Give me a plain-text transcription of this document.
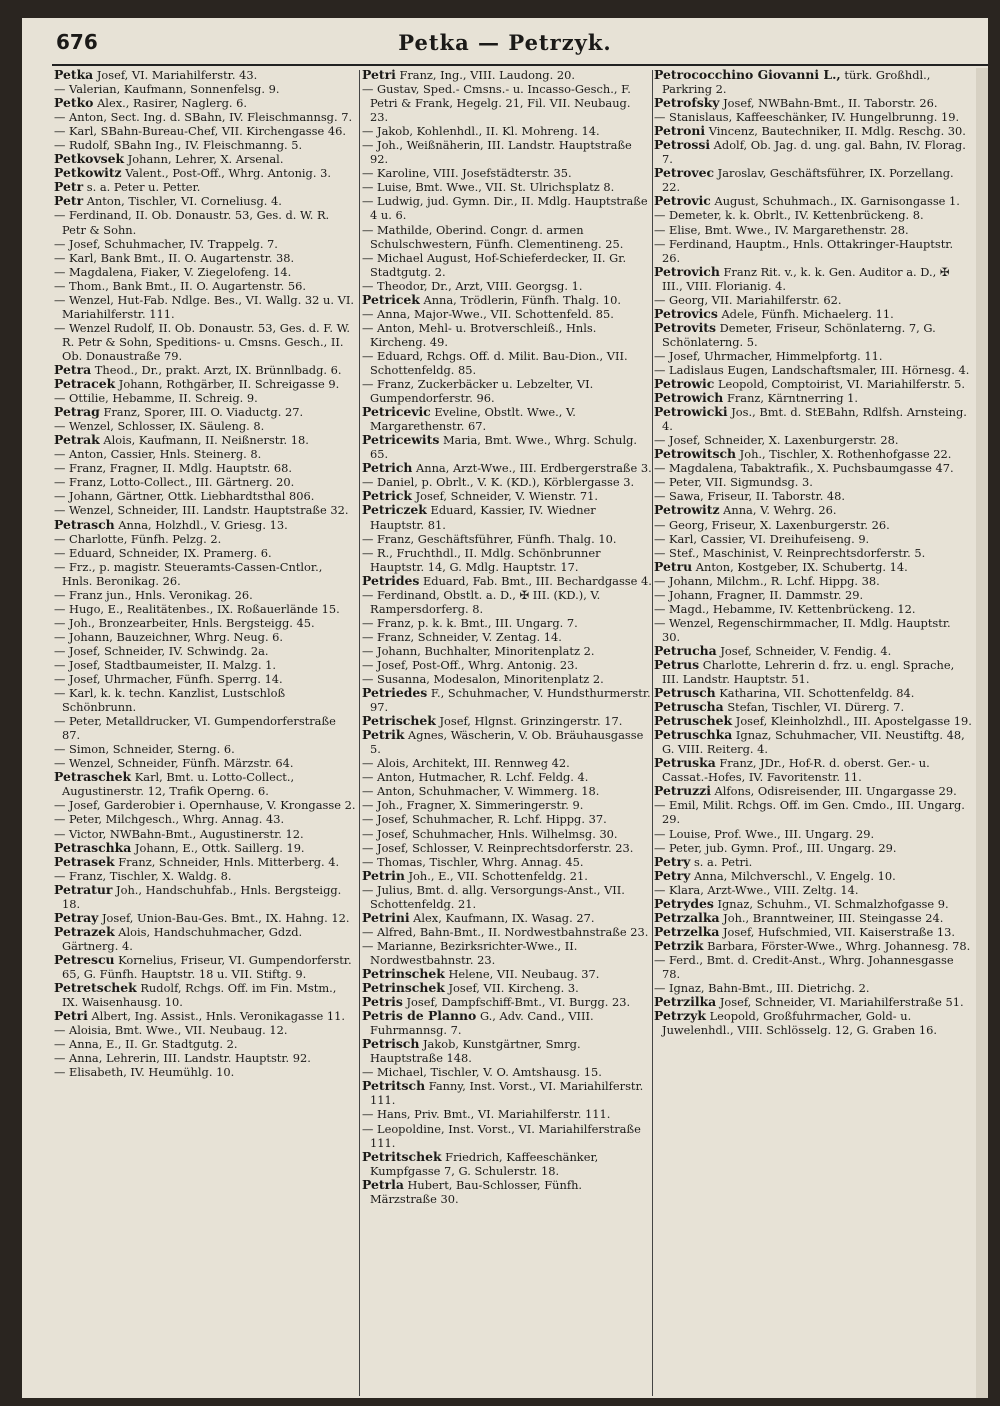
676	Petka — Petrzyk.

Petka Josef, VI. Mariahilferstr. 43.

— Valerian, Kaufmann, Sonnenfelsg. 9.

Petko Alex., Rasirer, Naglerg. 6.

— Anton, Sect. Ing. d. SBahn, IV. Fleischmannsg. 7.

— Karl, SBahn-Bureau-Chef, VII. Kirchengasse 46.

— Rudolf, SBahn Ing., IV. Fleischmanng. 5.

Petkovsek Johann, Lehrer, X. Arsenal.

Petkowitz Valent., Post-Off., Whrg. Antonig. 3.

Petr s. a. Peter u. Petter.

Petr Anton, Tischler, VI. Corneliusg. 4.

— Ferdinand, II. Ob. Donaustr. 53, Ges. d. W. R. Petr & Sohn.

— Josef, Schuhmacher, IV. Trappelg. 7.

— Karl, Bank Bmt., II. O. Augartenstr. 38.

— Magdalena, Fiaker, V. Ziegelofeng. 14.

— Thom., Bank Bmt., II. O. Augartenstr. 56.

— Wenzel, Hut-Fab. Ndlge. Bes., VI. Wallg. 32 u. VI. Mariahilferstr. 111.

— Wenzel Rudolf, II. Ob. Donaustr. 53, Ges. d. F. W. R. Petr & Sohn, Speditions- u. Cmsns. Gesch., II. Ob. Donaustraße 79.

Petra Theod., Dr., prakt. Arzt, IX. Brünnlbadg. 6.

Petracek Johann, Rothgärber, II. Schreigasse 9.

— Ottilie, Hebamme, II. Schreig. 9.

Petrag Franz, Sporer, III. O. Viaductg. 27.

— Wenzel, Schlosser, IX. Säuleng. 8.

Petrak Alois, Kaufmann, II. Neißnerstr. 18.

— Anton, Cassier, Hnls. Steinerg. 8.

— Franz, Fragner, II. Mdlg. Hauptstr. 68.

— Franz, Lotto-Collect., III. Gärtnerg. 20.

— Johann, Gärtner, Ottk. Liebhardtsthal 806.

— Wenzel, Schneider, III. Landstr. Hauptstraße 32.

Petrasch Anna, Holzhdl., V. Griesg. 13.

— Charlotte, Fünfh. Pelzg. 2.

— Eduard, Schneider, IX. Pramerg. 6.

— Frz., p. magistr. Steueramts-Cassen-Cntlor., Hnls. Beronikag. 26.

— Franz jun., Hnls. Veronikag. 26.

— Hugo, E., Realitätenbes., IX. Roßauerlände 15.

— Joh., Bronzearbeiter, Hnls. Bergsteigg. 45.

— Johann, Bauzeichner, Whrg. Neug. 6.

— Josef, Schneider, IV. Schwindg. 2a.

— Josef, Stadtbaumeister, II. Malzg. 1.

— Josef, Uhrmacher, Fünfh. Sperrg. 14.

— Karl, k. k. techn. Kanzlist, Lustschloß Schönbrunn.

— Peter, Metalldrucker, VI. Gumpendorferstraße 87.

— Simon, Schneider, Sterng. 6.

— Wenzel, Schneider, Fünfh. Märzstr. 64.

Petraschek Karl, Bmt. u. Lotto-Collect., Augustinerstr. 12, Trafik Operng. 6.

— Josef, Garderobier i. Opernhause, V. Krongasse 2.

— Peter, Milchgesch., Whrg. Annag. 43.

— Victor, NWBahn-Bmt., Augustinerstr. 12.

Petraschka Johann, E., Ottk. Saillerg. 19.

Petrasek Franz, Schneider, Hnls. Mitterberg. 4.

— Franz, Tischler, X. Waldg. 8.

Petratur Joh., Handschuhfab., Hnls. Bergsteigg. 18.

Petray Josef, Union-Bau-Ges. Bmt., IX. Hahng. 12.

Petrazek Alois, Handschuhmacher, Gdzd. Gärtnerg. 4.

Petrescu Kornelius, Friseur, VI. Gumpendorferstr. 65, G. Fünfh. Hauptstr. 18 u. VII. Stiftg. 9.

Petretschek Rudolf, Rchgs. Off. im Fin. Mstm., IX. Waisenhausg. 10.

Petri Albert, Ing. Assist., Hnls. Veronikagasse 11.

— Aloisia, Bmt. Wwe., VII. Neubaug. 12.

— Anna, E., II. Gr. Stadtgutg. 2.

— Anna, Lehrerin, III. Landstr. Hauptstr. 92.

— Elisabeth, IV. Heumühlg. 10.

Petri Franz, Ing., VIII. Laudong. 20.

— Gustav, Sped.- Cmsns.- u. Incasso-Gesch., F. Petri & Frank, Hegelg. 21, Fil. VII. Neubaug. 23.

— Jakob, Kohlenhdl., II. Kl. Mohreng. 14.

— Joh., Weißnäherin, III. Landstr. Hauptstraße 92.

— Karoline, VIII. Josefstädterstr. 35.

— Luise, Bmt. Wwe., VII. St. Ulrichsplatz 8.

— Ludwig, jud. Gymn. Dir., II. Mdlg. Hauptstraße 4 u. 6.

— Mathilde, Oberind. Congr. d. armen Schulschwestern, Fünfh. Clementineng. 25.

— Michael August, Hof-Schieferdecker, II. Gr. Stadtgutg. 2.

— Theodor, Dr., Arzt, VIII. Georgsg. 1.

Petricek Anna, Trödlerin, Fünfh. Thalg. 10.

— Anna, Major-Wwe., VII. Schottenfeld. 85.

— Anton, Mehl- u. Brotverschleiß., Hnls. Kircheng. 49.

— Eduard, Rchgs. Off. d. Milit. Bau-Dion., VII. Schottenfeldg. 85.

— Franz, Zuckerbäcker u. Lebzelter, VI. Gumpendorferstr. 96.

Petricevic Eveline, Obstlt. Wwe., V. Margarethenstr. 67.

Petricewits Maria, Bmt. Wwe., Whrg. Schulg. 65.

Petrich Anna, Arzt-Wwe., III. Erdbergerstraße 3.

— Daniel, p. Obrlt., V. K. (KD.), Körblergasse 3.

Petrick Josef, Schneider, V. Wienstr. 71.

Petriczek Eduard, Kassier, IV. Wiedner Hauptstr. 81.

— Franz, Geschäftsführer, Fünfh. Thalg. 10.

— R., Fruchthdl., II. Mdlg. Schönbrunner Hauptstr. 14, G. Mdlg. Hauptstr. 17.

Petrides Eduard, Fab. Bmt., III. Bechardgasse 4.

— Ferdinand, Obstlt. a. D., ✠ III. (KD.), V. Rampersdorferg. 8.

— Franz, p. k. k. Bmt., III. Ungarg. 7.

— Franz, Schneider, V. Zentag. 14.

— Johann, Buchhalter, Minoritenplatz 2.

— Josef, Post-Off., Whrg. Antonig. 23.

— Susanna, Modesalon, Minoritenplatz 2.

Petriedes F., Schuhmacher, V. Hundsthurmerstr. 97.

Petrischek Josef, Hlgnst. Grinzingerstr. 17.

Petrik Agnes, Wäscherin, V. Ob. Bräuhausgasse 5.

— Alois, Architekt, III. Rennweg 42.

— Anton, Hutmacher, R. Lchf. Feldg. 4.

— Anton, Schuhmacher, V. Wimmerg. 18.

— Joh., Fragner, X. Simmeringerstr. 9.

— Josef, Schuhmacher, R. Lchf. Hippg. 37.

— Josef, Schuhmacher, Hnls. Wilhelmsg. 30.

— Josef, Schlosser, V. Reinprechtsdorferstr. 23.

— Thomas, Tischler, Whrg. Annag. 45.

Petrin Joh., E., VII. Schottenfeldg. 21.

— Julius, Bmt. d. allg. Versorgungs-Anst., VII. Schottenfeldg. 21.

Petrini Alex, Kaufmann, IX. Wasag. 27.

— Alfred, Bahn-Bmt., II. Nordwestbahnstraße 23.

— Marianne, Bezirksrichter-Wwe., II. Nordwestbahnstr. 23.

Petrinschek Helene, VII. Neubaug. 37.

Petrinschek Josef, VII. Kircheng. 3.

Petris Josef, Dampfschiff-Bmt., VI. Burgg. 23.

Petris de Planno G., Adv. Cand., VIII. Fuhrmannsg. 7.

Petrisch Jakob, Kunstgärtner, Smrg. Hauptstraße 148.

— Michael, Tischler, V. O. Amtshausg. 15.

Petritsch Fanny, Inst. Vorst., VI. Mariahilferstr. 111.

— Hans, Priv. Bmt., VI. Mariahilferstr. 111.

— Leopoldine, Inst. Vorst., VI. Mariahilferstraße 111.

Petritschek Friedrich, Kaffeeschänker, Kumpfgasse 7, G. Schulerstr. 18.

Petrla Hubert, Bau-Schlosser, Fünfh. Märzstraße 30.

Petrococchino Giovanni L., türk. Großhdl., Parkring 2.

Petrofsky Josef, NWBahn-Bmt., II. Taborstr. 26.

— Stanislaus, Kaffeeschänker, IV. Hungelbrunng. 19.

Petroni Vincenz, Bautechniker, II. Mdlg. Reschg. 30.

Petrossi Adolf, Ob. Jag. d. ung. gal. Bahn, IV. Florag. 7.

Petrovec Jaroslav, Geschäftsführer, IX. Porzellang. 22.

Petrovic August, Schuhmach., IX. Garnisongasse 1.

— Demeter, k. k. Obrlt., IV. Kettenbrückeng. 8.

— Elise, Bmt. Wwe., IV. Margarethenstr. 28.

— Ferdinand, Hauptm., Hnls. Ottakringer-Hauptstr. 26.

Petrovich Franz Rit. v., k. k. Gen. Auditor a. D., ✠ III., VIII. Florianig. 4.

— Georg, VII. Mariahilferstr. 62.

Petrovics Adele, Fünfh. Michaelerg. 11.

Petrovits Demeter, Friseur, Schönlaterng. 7, G. Schönlaterng. 5.

— Josef, Uhrmacher, Himmelpfortg. 11.

— Ladislaus Eugen, Landschaftsmaler, III. Hörnesg. 4.

Petrowic Leopold, Comptoirist, VI. Mariahilferstr. 5.

Petrowich Franz, Kärntnerring 1.

Petrowicki Jos., Bmt. d. StEBahn, Rdlfsh. Arnsteing. 4.

— Josef, Schneider, X. Laxenburgerstr. 28.

Petrowitsch Joh., Tischler, X. Rothenhofgasse 22.

— Magdalena, Tabaktrafik., X. Puchsbaumgasse 47.

— Peter, VII. Sigmundsg. 3.

— Sawa, Friseur, II. Taborstr. 48.

Petrowitz Anna, V. Wehrg. 26.

— Georg, Friseur, X. Laxenburgerstr. 26.

— Karl, Cassier, VI. Dreihufeiseng. 9.

— Stef., Maschinist, V. Reinprechtsdorferstr. 5.

Petru Anton, Kostgeber, IX. Schubertg. 14.

— Johann, Milchm., R. Lchf. Hippg. 38.

— Johann, Fragner, II. Dammstr. 29.

— Magd., Hebamme, IV. Kettenbrückeng. 12.

— Wenzel, Regenschirmmacher, II. Mdlg. Hauptstr. 30.

Petrucha Josef, Schneider, V. Fendig. 4.

Petrus Charlotte, Lehrerin d. frz. u. engl. Sprache, III. Landstr. Hauptstr. 51.

Petrusch Katharina, VII. Schottenfeldg. 84.

Petruscha Stefan, Tischler, VI. Dürerg. 7.

Petruschek Josef, Kleinholzhdl., III. Apostelgasse 19.

Petruschka Ignaz, Schuhmacher, VII. Neustiftg. 48, G. VIII. Reiterg. 4.

Petruska Franz, JDr., Hof-R. d. oberst. Ger.- u. Cassat.-Hofes, IV. Favoritenstr. 11.

Petruzzi Alfons, Odisreisender, III. Ungargasse 29.

— Emil, Milit. Rchgs. Off. im Gen. Cmdo., III. Ungarg. 29.

— Louise, Prof. Wwe., III. Ungarg. 29.

— Peter, jub. Gymn. Prof., III. Ungarg. 29.

Petry s. a. Petri.

Petry Anna, Milchverschl., V. Engelg. 10.

— Klara, Arzt-Wwe., VIII. Zeltg. 14.

Petrydes Ignaz, Schuhm., VI. Schmalzhofgasse 9.

Petrzalka Joh., Branntweiner, III. Steingasse 24.

Petrzelka Josef, Hufschmied, VII. Kaiserstraße 13.

Petrzik Barbara, Förster-Wwe., Whrg. Johannesg. 78.

— Ferd., Bmt. d. Credit-Anst., Whrg. Johannesgasse 78.

— Ignaz, Bahn-Bmt., III. Dietrichg. 2.

Petrzilka Josef, Schneider, VI. Mariahilferstraße 51.

Petrzyk Leopold, Großfuhrmacher, Gold- u. Juwelenhdl., VIII. Schlösselg. 12, G. Graben 16.
